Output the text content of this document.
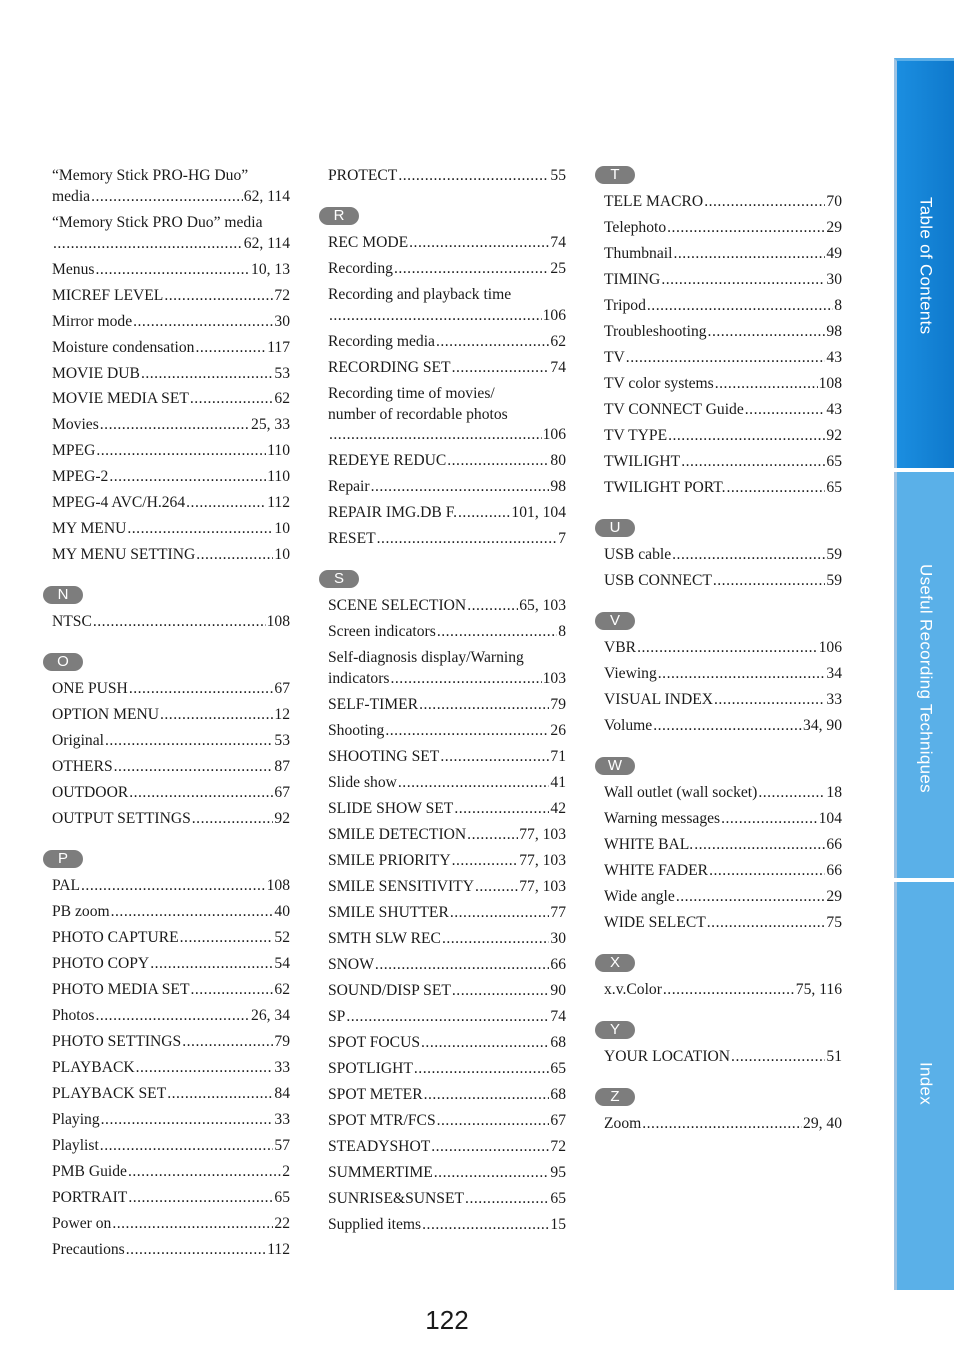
“Memory Stick PRO-HG Duo”
media .....	62, 114
“Memory Stick PRO Duo” media
.....
62, 114
Menus .....	10, 13
MICREF LEVEL .....	72
Mirror mode .....	30
Moisture condensation .....	117
MOVIE DUB .....	53
MOVIE MEDIA SET .....	62
Movies .....	25, 33
MPEG .....	110
MPEG-2 .....	110
MPEG-4 AVC/H.264 .....	112
MY MENU .....	10
MY MENU SETTING .....	10
N
NTSC .....	108
O
ONE PUSH .....	67
OPTION MENU .....	12
Original .....	53
OTHERS .....	87
OUTDOOR .....	67
OUTPUT SETTINGS .....	92
P
PAL .....	108
PB zoom .....	40
PHOTO CAPTURE .....	52
PHOTO COPY .....	54
PHOTO MEDIA SET .....	62
Photos .....	26, 34
PHOTO SETTINGS .....	79
PLAYBACK .....	33
PLAYBACK SET .....	84
Playing .....	33
Playlist .....	57
PMB Guide .....	2
PORTRAIT .....	65
Power on .....	22
Precautions .....	112
PROTECT .....	55
R
REC MODE .....	74
Recording .....	25
Recording and playback time
.....
106
Recording media .....	62
RECORDING SET .....	74
Recording time of movies/
number of recordable photos
.....
106
REDEYE REDUC .....	80
Repair .....	98
REPAIR IMG.DB F. .....	101, 104
RESET .....	7
S
SCENE SELECTION .....	65, 103
Screen indicators .....	8
Self-diagnosis display/Warning
indicators .....	103
SELF-TIMER .....	79
Shooting .....	26
SHOOTING SET .....	71
Slide show .....	41
SLIDE SHOW SET .....	42
SMILE DETECTION .....	77, 103
SMILE PRIORITY .....	77, 103
SMILE SENSITIVITY .....	77, 103
SMILE SHUTTER .....	77
SMTH SLW REC .....	30
SNOW .....	66
SOUND/DISP SET .....	90
SP .....	74
SPOT FOCUS .....	68
SPOTLIGHT .....	65
SPOT METER .....	68
SPOT MTR/FCS .....	67
STEADYSHOT .....	72
SUMMERTIME .....	95
SUNRISE&SUNSET .....	65
Supplied items .....	15
T
TELE MACRO .....	70
Telephoto .....	29
Thumbnail .....	49
TIMING .....	30
Tripod .....	8
Troubleshooting .....	98
TV .....	43
TV color systems .....	108
TV CONNECT Guide .....	43
TV TYPE .....	92
TWILIGHT .....	65
TWILIGHT PORT. .....	65
U
USB cable .....	59
USB CONNECT .....	59
V
VBR .....	106
Viewing .....	34
VISUAL INDEX .....	33
Volume .....	34, 90
W
Wall outlet (wall socket) .....	18
Warning messages .....	104
WHITE BAL. .....	66
WHITE FADER .....	66
Wide angle .....	29
WIDE SELECT .....	75
X
x.v.Color .....	75, 116
Y
YOUR LOCATION .....	51
Z
Zoom .....	29, 40
122
Table of Contents
Useful Recording Techniques
Index
